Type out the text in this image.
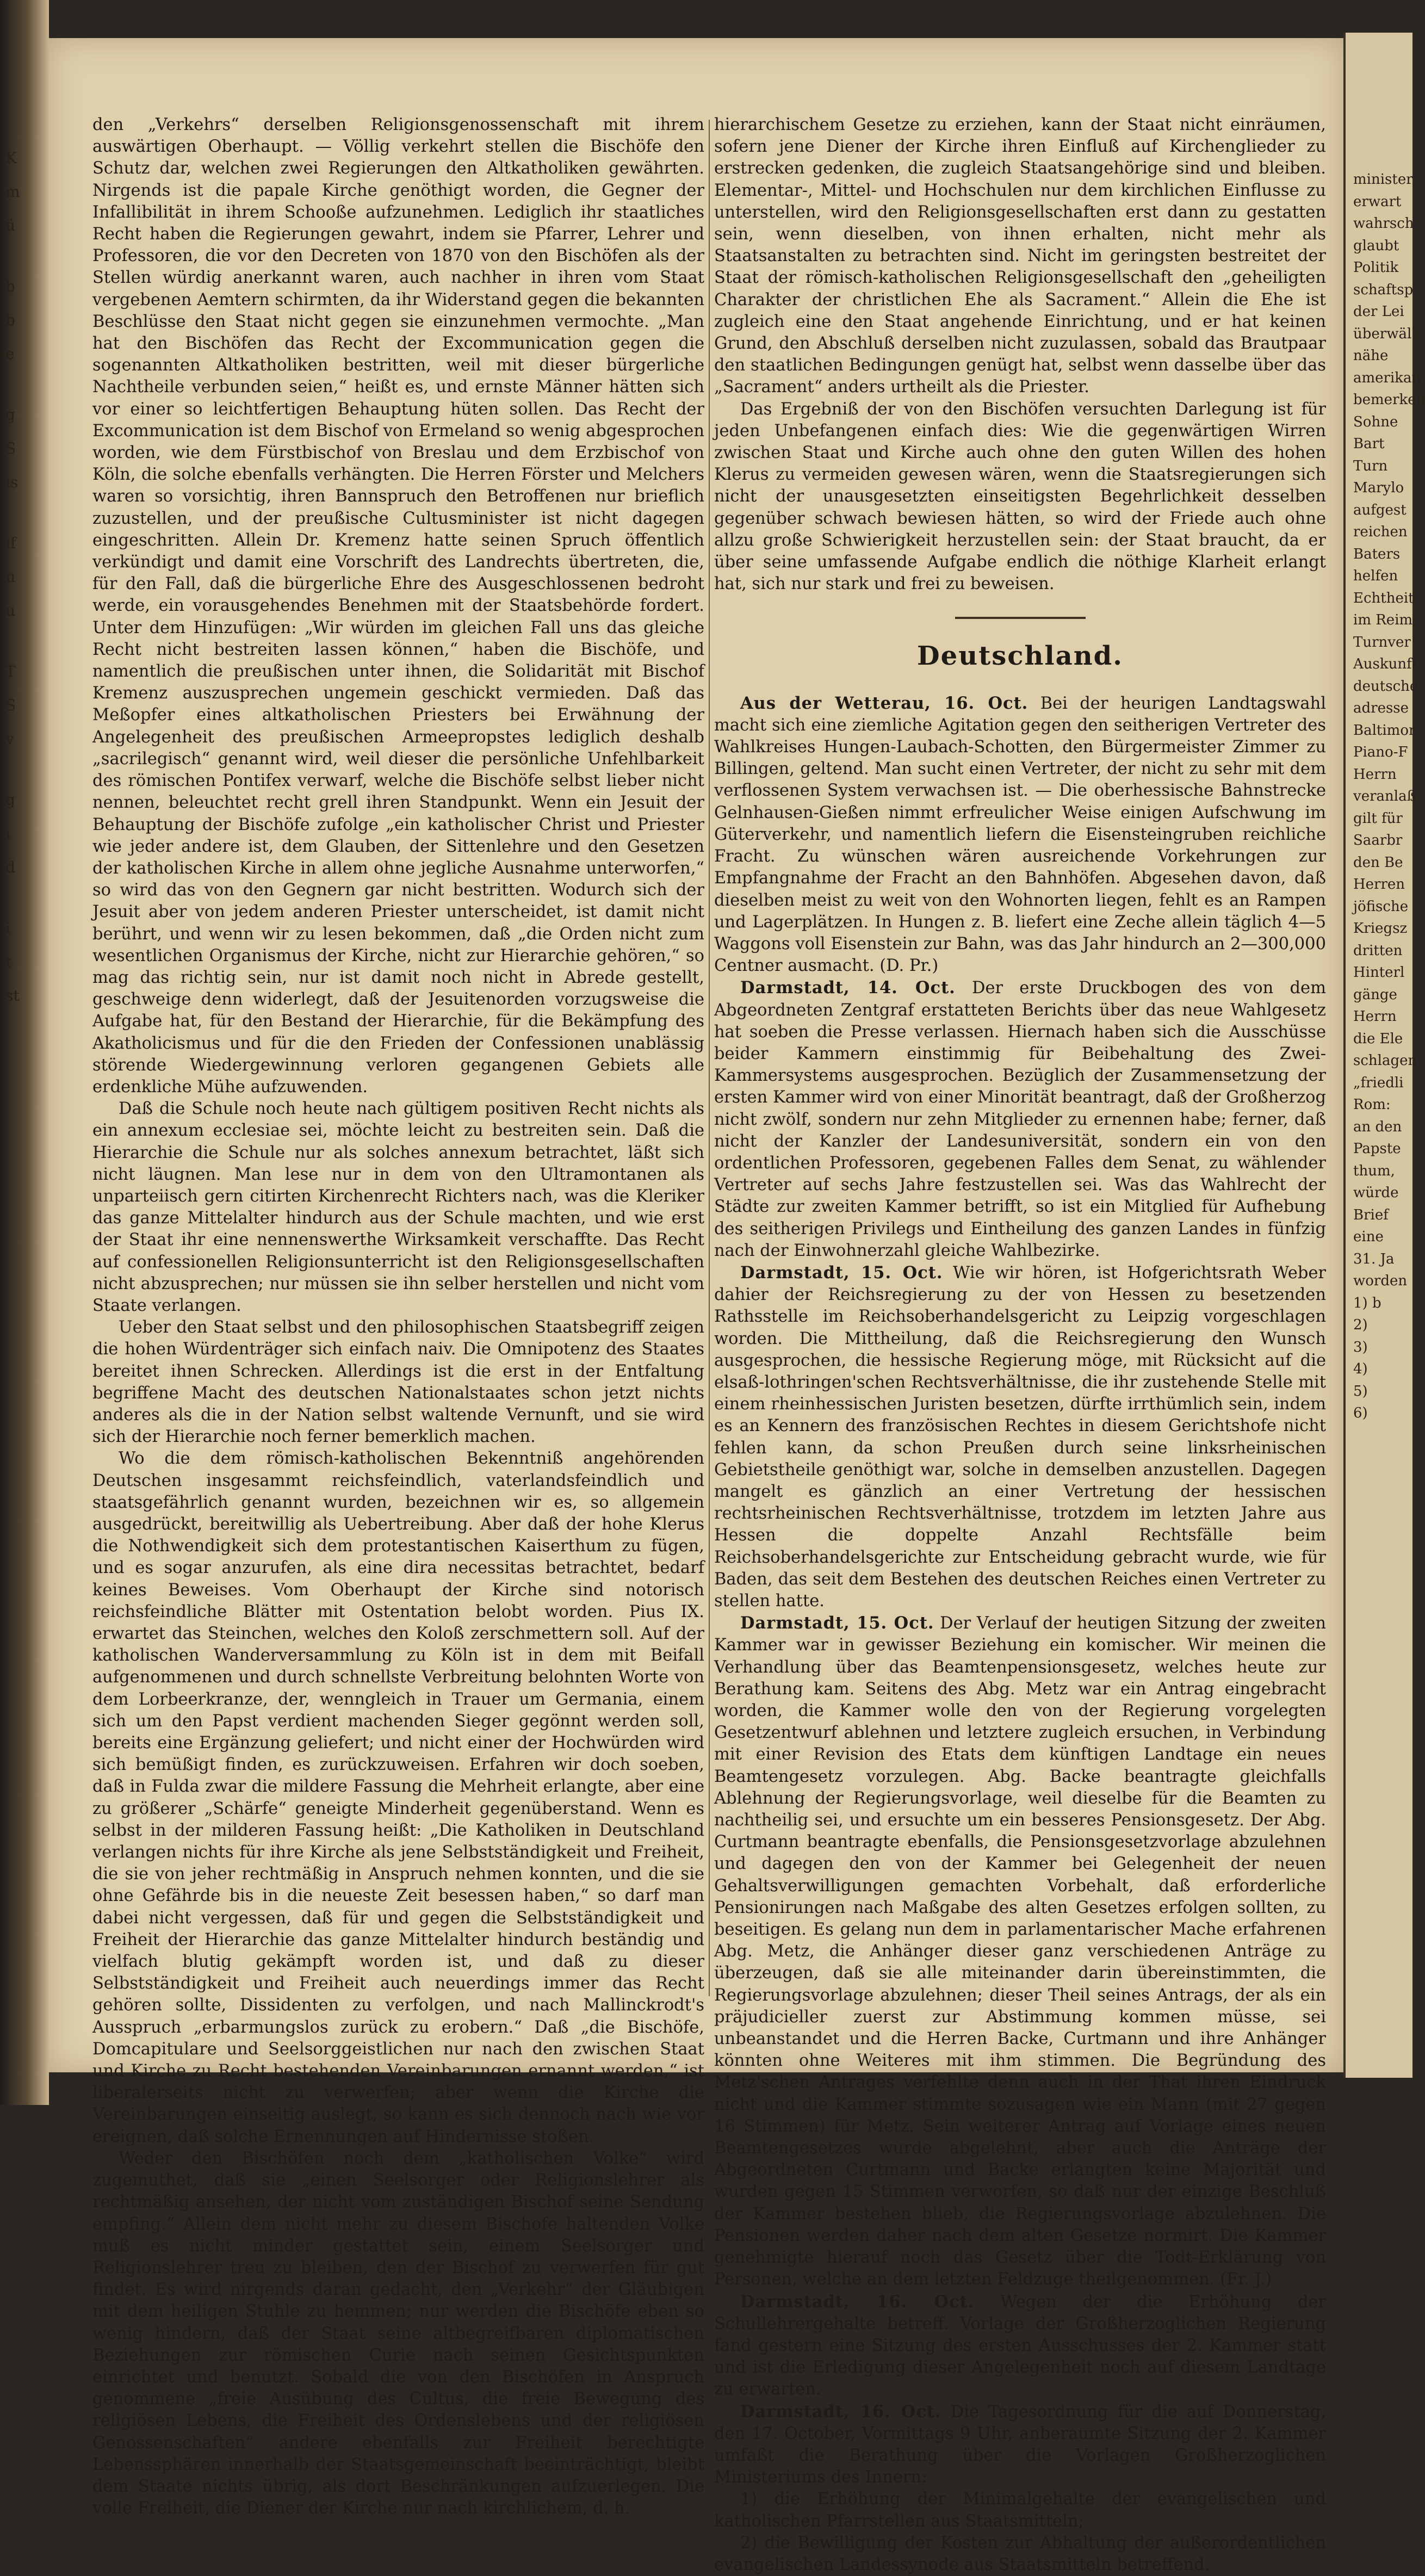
K
m
ü
b
b
e
g
S
is
if
n
u
T
S
v
g
i
d
i
t
st

den „Verkehrs“ derselben Religionsgenossenschaft mit ihrem auswärtigen Oberhaupt. — Völlig verkehrt stellen die Bischöfe den Schutz dar, welchen zwei Regierungen den Altkatholiken gewährten. Nirgends ist die papale Kirche genöthigt worden, die Gegner der Infallibilität in ihrem Schooße aufzunehmen. Lediglich ihr staatliches Recht haben die Regierungen gewahrt, indem sie Pfarrer, Lehrer und Professoren, die vor den Decreten von 1870 von den Bischöfen als der Stellen würdig anerkannt waren, auch nachher in ihren vom Staat vergebenen Aemtern schirmten, da ihr Widerstand gegen die bekannten Beschlüsse den Staat nicht gegen sie einzunehmen vermochte. „Man hat den Bischöfen das Recht der Excommunication gegen die sogenannten Altkatholiken bestritten, weil mit dieser bürgerliche Nachtheile verbunden seien,“ heißt es, und ernste Männer hätten sich vor einer so leichtfertigen Behauptung hüten sollen. Das Recht der Excommunication ist dem Bischof von Ermeland so wenig abgesprochen worden, wie dem Fürstbischof von Breslau und dem Erzbischof von Köln, die solche ebenfalls verhängten. Die Herren Förster und Melchers waren so vorsichtig, ihren Bannspruch den Betroffenen nur brieflich zuzustellen, und der preußische Cultusminister ist nicht dagegen eingeschritten. Allein Dr. Kremenz hatte seinen Spruch öffentlich verkündigt und damit eine Vorschrift des Landrechts übertreten, die, für den Fall, daß die bürgerliche Ehre des Ausgeschlossenen bedroht werde, ein vorausgehendes Benehmen mit der Staatsbehörde fordert. Unter dem Hinzufügen: „Wir würden im gleichen Fall uns das gleiche Recht nicht bestreiten lassen können,“ haben die Bischöfe, und namentlich die preußischen unter ihnen, die Solidarität mit Bischof Kremenz auszusprechen ungemein geschickt vermieden. Daß das Meßopfer eines altkatholischen Priesters bei Erwähnung der Angelegenheit des preußischen Armeepropstes lediglich deshalb „sacrilegisch“ genannt wird, weil dieser die persönliche Unfehlbarkeit des römischen Pontifex verwarf, welche die Bischöfe selbst lieber nicht nennen, beleuchtet recht grell ihren Standpunkt. Wenn ein Jesuit der Behauptung der Bischöfe zufolge „ein katholischer Christ und Priester wie jeder andere ist, dem Glauben, der Sittenlehre und den Gesetzen der katholischen Kirche in allem ohne jegliche Ausnahme unterworfen,“ so wird das von den Gegnern gar nicht bestritten. Wodurch sich der Jesuit aber von jedem anderen Priester unterscheidet, ist damit nicht berührt, und wenn wir zu lesen bekommen, daß „die Orden nicht zum wesentlichen Organismus der Kirche, nicht zur Hierarchie gehören,“ so mag das richtig sein, nur ist damit noch nicht in Abrede gestellt, geschweige denn widerlegt, daß der Jesuitenorden vorzugsweise die Aufgabe hat, für den Bestand der Hierarchie, für die Bekämpfung des Akatholicismus und für die den Frieden der Confessionen unablässig störende Wiedergewinnung verloren gegangenen Gebiets alle erdenkliche Mühe aufzuwenden.

Daß die Schule noch heute nach gültigem positiven Recht nichts als ein annexum ecclesiae sei, möchte leicht zu bestreiten sein. Daß die Hierarchie die Schule nur als solches annexum betrachtet, läßt sich nicht läugnen. Man lese nur in dem von den Ultramontanen als unparteiisch gern citirten Kirchenrecht Richters nach, was die Kleriker das ganze Mittelalter hindurch aus der Schule machten, und wie erst der Staat ihr eine nennenswerthe Wirksamkeit verschaffte. Das Recht auf confessionellen Religionsunterricht ist den Religionsgesellschaften nicht abzusprechen; nur müssen sie ihn selber herstellen und nicht vom Staate verlangen.

Ueber den Staat selbst und den philosophischen Staatsbegriff zeigen die hohen Würdenträger sich einfach naiv. Die Omnipotenz des Staates bereitet ihnen Schrecken. Allerdings ist die erst in der Entfaltung begriffene Macht des deutschen Nationalstaates schon jetzt nichts anderes als die in der Nation selbst waltende Vernunft, und sie wird sich der Hierarchie noch ferner bemerklich machen.

Wo die dem römisch-katholischen Bekenntniß angehörenden Deutschen insgesammt reichsfeindlich, vaterlandsfeindlich und staatsgefährlich genannt wurden, bezeichnen wir es, so allgemein ausgedrückt, bereitwillig als Uebertreibung. Aber daß der hohe Klerus die Nothwendigkeit sich dem protestantischen Kaiserthum zu fügen, und es sogar anzurufen, als eine dira necessitas betrachtet, bedarf keines Beweises. Vom Oberhaupt der Kirche sind notorisch reichsfeindliche Blätter mit Ostentation belobt worden. Pius IX. erwartet das Steinchen, welches den Koloß zerschmettern soll. Auf der katholischen Wanderversammlung zu Köln ist in dem mit Beifall aufgenommenen und durch schnellste Verbreitung belohnten Worte von dem Lorbeerkranze, der, wenngleich in Trauer um Germania, einem sich um den Papst verdient machenden Sieger gegönnt werden soll, bereits eine Ergänzung geliefert; und nicht einer der Hochwürden wird sich bemüßigt finden, es zurückzuweisen. Erfahren wir doch soeben, daß in Fulda zwar die mildere Fassung die Mehrheit erlangte, aber eine zu größerer „Schärfe“ geneigte Minderheit gegenüberstand. Wenn es selbst in der milderen Fassung heißt: „Die Katholiken in Deutschland verlangen nichts für ihre Kirche als jene Selbstständigkeit und Freiheit, die sie von jeher rechtmäßig in Anspruch nehmen konnten, und die sie ohne Gefährde bis in die neueste Zeit besessen haben,“ so darf man dabei nicht vergessen, daß für und gegen die Selbstständigkeit und Freiheit der Hierarchie das ganze Mittelalter hindurch beständig und vielfach blutig gekämpft worden ist, und daß zu dieser Selbstständigkeit und Freiheit auch neuerdings immer das Recht gehören sollte, Dissidenten zu verfolgen, und nach Mallinckrodt's Ausspruch „erbarmungslos zurück zu erobern.“ Daß „die Bischöfe, Domcapitulare und Seelsorggeistlichen nur nach den zwischen Staat und Kirche zu Recht bestehenden Vereinbarungen ernannt werden,“ ist liberalerseits nicht zu verwerfen; aber wenn die Kirche die Vereinbarungen einseitig auslegt, so kann es sich dennoch nach wie vor ereignen, daß solche Ernennungen auf Hindernisse stoßen.

Weder den Bischöfen noch dem „katholischen Volke“ wird zugemuthet, daß sie „einen Seelsorger oder Religionslehrer als rechtmäßig ansehen, der nicht vom zuständigen Bischof seine Sendung empfing.“ Allein dem nicht mehr zu diesem Bischofe haltenden Volke muß es nicht minder gestattet sein, einem Seelsorger und Religionslehrer treu zu bleiben, den der Bischof zu verwerfen für gut findet. Es wird nirgends daran gedacht, den „Verkehr“ der Gläubigen mit dem heiligen Stuhle zu hemmen; nur werden die Bischöfe eben so wenig hindern, daß der Staat seine altbegreifbaren diplomatischen Beziehungen zur römischen Curie nach seinen Gesichtspunkten einrichtet und benutzt. Sobald die von den Bischöfen in Anspruch genommene „freie Ausübung des Cultus, die freie Bewegung des religiösen Lebens, die Freiheit des Ordenslebens und der religiösen Genossenschaften“ andere ebenfalls zur Freiheit berechtigte Lebenssphären innerhalb der Staatsgemeinschaft beeinträchtigt, bleibt dem Staate nichts übrig, als dort Beschränkungen aufzuerlegen. Die volle Freiheit, die Diener der Kirche nur nach kirchlichem, d. h.

hierarchischem Gesetze zu erziehen, kann der Staat nicht einräumen, sofern jene Diener der Kirche ihren Einfluß auf Kirchenglieder zu erstrecken gedenken, die zugleich Staatsangehörige sind und bleiben. Elementar-, Mittel- und Hochschulen nur dem kirchlichen Einflusse zu unterstellen, wird den Religionsgesellschaften erst dann zu gestatten sein, wenn dieselben, von ihnen erhalten, nicht mehr als Staatsanstalten zu betrachten sind. Nicht im geringsten bestreitet der Staat der römisch-katholischen Religionsgesellschaft den „geheiligten Charakter der christlichen Ehe als Sacrament.“ Allein die Ehe ist zugleich eine den Staat angehende Einrichtung, und er hat keinen Grund, den Abschluß derselben nicht zuzulassen, sobald das Brautpaar den staatlichen Bedingungen genügt hat, selbst wenn dasselbe über das „Sacrament“ anders urtheilt als die Priester.

Das Ergebniß der von den Bischöfen versuchten Darlegung ist für jeden Unbefangenen einfach dies: Wie die gegenwärtigen Wirren zwischen Staat und Kirche auch ohne den guten Willen des hohen Klerus zu vermeiden gewesen wären, wenn die Staatsregierungen sich nicht der unausgesetzten einseitigsten Begehrlichkeit desselben gegenüber schwach bewiesen hätten, so wird der Friede auch ohne allzu große Schwierigkeit herzustellen sein: der Staat braucht, da er über seine umfassende Aufgabe endlich die nöthige Klarheit erlangt hat, sich nur stark und frei zu beweisen.

Deutschland.

Aus der Wetterau, 16. Oct. Bei der heurigen Landtagswahl macht sich eine ziemliche Agitation gegen den seitherigen Vertreter des Wahlkreises Hungen-Laubach-Schotten, den Bürgermeister Zimmer zu Billingen, geltend. Man sucht einen Vertreter, der nicht zu sehr mit dem verflossenen System verwachsen ist. — Die oberhessische Bahnstrecke Gelnhausen-Gießen nimmt erfreulicher Weise einigen Aufschwung im Güterverkehr, und namentlich liefern die Eisensteingruben reichliche Fracht. Zu wünschen wären ausreichende Vorkehrungen zur Empfangnahme der Fracht an den Bahnhöfen. Abgesehen davon, daß dieselben meist zu weit von den Wohnorten liegen, fehlt es an Rampen und Lagerplätzen. In Hungen z. B. liefert eine Zeche allein täglich 4—5 Waggons voll Eisenstein zur Bahn, was das Jahr hindurch an 2—300,000 Centner ausmacht. (D. Pr.)

Darmstadt, 14. Oct. Der erste Druckbogen des von dem Abgeordneten Zentgraf erstatteten Berichts über das neue Wahlgesetz hat soeben die Presse verlassen. Hiernach haben sich die Ausschüsse beider Kammern einstimmig für Beibehaltung des Zwei-Kammersystems ausgesprochen. Bezüglich der Zusammensetzung der ersten Kammer wird von einer Minorität beantragt, daß der Großherzog nicht zwölf, sondern nur zehn Mitglieder zu ernennen habe; ferner, daß nicht der Kanzler der Landesuniversität, sondern ein von den ordentlichen Professoren, gegebenen Falles dem Senat, zu wählender Vertreter auf sechs Jahre festzustellen sei. Was das Wahlrecht der Städte zur zweiten Kammer betrifft, so ist ein Mitglied für Aufhebung des seitherigen Privilegs und Eintheilung des ganzen Landes in fünfzig nach der Einwohnerzahl gleiche Wahlbezirke.

Darmstadt, 15. Oct. Wie wir hören, ist Hofgerichtsrath Weber dahier der Reichsregierung zu der von Hessen zu besetzenden Rathsstelle im Reichsoberhandelsgericht zu Leipzig vorgeschlagen worden. Die Mittheilung, daß die Reichsregierung den Wunsch ausgesprochen, die hessische Regierung möge, mit Rücksicht auf die elsaß-lothringen'schen Rechtsverhältnisse, die ihr zustehende Stelle mit einem rheinhessischen Juristen besetzen, dürfte irrthümlich sein, indem es an Kennern des französischen Rechtes in diesem Gerichtshofe nicht fehlen kann, da schon Preußen durch seine linksrheinischen Gebietstheile genöthigt war, solche in demselben anzustellen. Dagegen mangelt es gänzlich an einer Vertretung der hessischen rechtsrheinischen Rechtsverhältnisse, trotzdem im letzten Jahre aus Hessen die doppelte Anzahl Rechtsfälle beim Reichsoberhandelsgerichte zur Entscheidung gebracht wurde, wie für Baden, das seit dem Bestehen des deutschen Reiches einen Vertreter zu stellen hatte.

Darmstadt, 15. Oct. Der Verlauf der heutigen Sitzung der zweiten Kammer war in gewisser Beziehung ein komischer. Wir meinen die Verhandlung über das Beamtenpensionsgesetz, welches heute zur Berathung kam. Seitens des Abg. Metz war ein Antrag eingebracht worden, die Kammer wolle den von der Regierung vorgelegten Gesetzentwurf ablehnen und letztere zugleich ersuchen, in Verbindung mit einer Revision des Etats dem künftigen Landtage ein neues Beamtengesetz vorzulegen. Abg. Backe beantragte gleichfalls Ablehnung der Regierungsvorlage, weil dieselbe für die Beamten zu nachtheilig sei, und ersuchte um ein besseres Pensionsgesetz. Der Abg. Curtmann beantragte ebenfalls, die Pensionsgesetzvorlage abzulehnen und dagegen den von der Kammer bei Gelegenheit der neuen Gehaltsverwilligungen gemachten Vorbehalt, daß erforderliche Pensionirungen nach Maßgabe des alten Gesetzes erfolgen sollten, zu beseitigen. Es gelang nun dem in parlamentarischer Mache erfahrenen Abg. Metz, die Anhänger dieser ganz verschiedenen Anträge zu überzeugen, daß sie alle miteinander darin übereinstimmten, die Regierungsvorlage abzulehnen; dieser Theil seines Antrags, der als ein präjudicieller zuerst zur Abstimmung kommen müsse, sei unbeanstandet und die Herren Backe, Curtmann und ihre Anhänger könnten ohne Weiteres mit ihm stimmen. Die Begründung des Metz'schen Antrages verfehlte denn auch in der That ihren Eindruck nicht und die Kammer stimmte sozusagen wie ein Mann (mit 27 gegen 16 Stimmen) für Metz. Sein weiterer Antrag auf Vorlage eines neuen Beamtengesetzes wurde abgelehnt, aber auch die Anträge der Abgeordneten Curtmann und Backe erlangten keine Majorität und wurden gegen 15 Stimmen verworfen, so daß nur der einzige Beschluß der Kammer bestehen blieb, die Regierungsvorlage abzulehnen. Die Pensionen werden daher nach dem alten Gesetze normirt. Die Kammer genehmigte hierauf noch das Gesetz über die Todt-Erklärung von Personen, welche an dem letzten Feldzuge theilgenommen. (Fr. J.)

Darmstadt, 16. Oct. Wegen der die Erhöhung der Schullehrergehalte betreff. Vorlage der Großherzoglichen Regierung fand gestern eine Sitzung des ersten Ausschusses der 2. Kammer statt und ist die Erledigung dieser Angelegenheit noch auf diesem Landtage zu erwarten.

Darmstadt, 16. Oct. Die Tagesordnung für die auf Donnerstag, den 17. October, Vormittags 9 Uhr, anberaumte Sitzung der 2. Kammer umfaßt die Berathung über die Vorlagen Großherzoglichen Ministeriums des Innern:

1) die Erhöhung der Minimalgehalte der evangelischen und katholischen Pfarrstellen aus Staatsmitteln;

2) die Bewilligung der Kosten zur Abhaltung der außerordentlichen evangelischen Landessynode aus Staatsmitteln betreffend.

minister
erwart
wahrsch
glaubt
Politik
schaftsp
der Lei
überwäl
nähe
amerikan
bemerken
Sohne
Bart
Turn
Marylo
aufgest
reichen
Baters
helfen
Echtheit
im Reim
Turnver
Auskunft
deutsche
adresse
Baltimor
Piano-F
Herrn
veranlaß
gilt für
Saarbr
den Be
Herren
jöfische
Kriegsz
dritten
Hinterl
gänge
Herrn
die Ele
schlagen
„friedli
Rom:
an den
Papste
thum,
würde
Brief
eine
31. Ja
worden
1) b
2)
3)
4)
5)
6)
